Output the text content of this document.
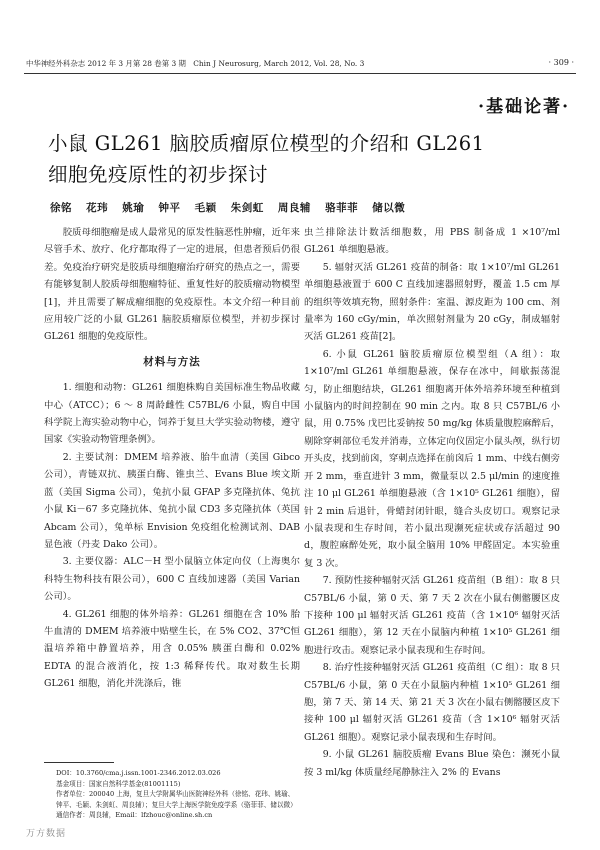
中华神经外科杂志 2012 年 3 月第 28 卷第 3 期　Chin J Neurosurg, March 2012, Vol. 28, No. 3	· 309 ·
·基础论著·
小鼠 GL261 脑胶质瘤原位模型的介绍和 GL261
细胞免疫原性的初步探讨
徐铭 花玮 姚瑜 钟平 毛颖 朱剑虹 周良辅 骆菲菲 储以微

胶质母细胞瘤是成人最常见的原发性脑恶性肿瘤，近年来尽管手术、放疗、化疗都取得了一定的进展，但患者预后仍很差。免疫治疗研究是胶质母细胞瘤治疗研究的热点之一，需要有能够复制人胶质母细胞瘤特征、重复性好的胶质瘤动物模型[1]，并且需要了解成瘤细胞的免疫原性。本文介绍一种目前应用较广泛的小鼠 GL261 脑胶质瘤原位模型，并初步探讨 GL261 细胞的免疫原性。

材料与方法

1. 细胞和动物：GL261 细胞株购自美国标准生物品收藏中心（ATCC）；6 ～ 8 周龄雌性 C57BL/6 小鼠，购自中国科学院上海实验动物中心，饲养于复旦大学实验动物楼，遵守国家《实验动物管理条例》。

2. 主要试剂：DMEM 培养液、胎牛血清（美国 Gibco 公司），青链双抗、胰蛋白酶、锥虫兰、Evans Blue 埃文斯蓝（美国 Sigma 公司），兔抗小鼠 GFAP 多克隆抗体、兔抗小鼠 Ki－67 多克隆抗体、兔抗小鼠 CD3 多克隆抗体（英国 Abcam 公司），兔单标 Envision 免疫组化检测试剂、DAB 显色液（丹麦 Dako 公司）。

3. 主要仪器：ALC－H 型小鼠脑立体定向仪（上海奥尔科特生物科技有限公司），600 C 直线加速器（美国 Varian 公司）。

4. GL261 细胞的体外培养：GL261 细胞在含 10% 胎牛血清的 DMEM 培养液中贴壁生长，在 5% CO2、37℃恒温培养箱中静置培养，用含 0.05% 胰蛋白酶和 0.02% EDTA 的混合液消化，按 1:3 稀释传代。取对数生长期 GL261 细胞，消化并洗涤后，锥

DOI：10.3760/cma.j.issn.1001-2346.2012.03.026
基金项目：国家自然科学基金(81001115)
作者单位：200040 上海，复旦大学附属华山医院神经外科（徐铭、花玮、姚瑜、钟平、毛颖、朱剑虹、周良辅）；复旦大学上海医学院免疫学系（骆菲菲、储以微）
通信作者：周良辅，Email：lfzhouc@online.sh.cn

虫兰排除法计数活细胞数，用 PBS 制备成 1 ×10⁷/ml GL261 单细胞悬液。

5. 辐射灭活 GL261 疫苗的制备：取 1×10⁷/ml GL261 单细胞悬液置于 600 C 直线加速器照射野，覆盖 1.5 cm 厚的组织等效填充物，照射条件：室温、源皮距为 100 cm、剂量率为 160 cGy/min，单次照射剂量为 20 cGy，制成辐射灭活 GL261 疫苗[2]。

6. 小鼠 GL261 脑胶质瘤原位模型组（A 组）：取 1×10⁷/ml GL261 单细胞悬液，保存在冰中，间歇振荡混匀，防止细胞结块，GL261 细胞离开体外培养环境至种植到小鼠脑内的时间控制在 90 min 之内。取 8 只 C57BL/6 小鼠，用 0.75% 戊巴比妥钠按 50 mg/kg 体质量腹腔麻醉后，剔除穿刺部位毛发并消毒，立体定向仪固定小鼠头颅，纵行切开头皮，找到前囟，穿刺点选择在前囟后 1 mm、中线右侧旁开 2 mm，垂直进针 3 mm，微量泵以 2.5 μl/min 的速度推注 10 μl GL261 单细胞悬液（含 1×10⁵ GL261 细胞），留针 2 min 后退针，骨蜡封闭针眼，缝合头皮切口。观察记录小鼠表现和生存时间，若小鼠出现濒死症状或存活超过 90 d，腹腔麻醉处死，取小鼠全脑用 10% 甲醛固定。本实验重复 3 次。

7. 预防性接种辐射灭活 GL261 疫苗组（B 组）：取 8 只 C57BL/6 小鼠，第 0 天、第 7 天 2 次在小鼠右侧髂腰区皮下接种 100 μl 辐射灭活 GL261 疫苗（含 1×10⁶ 辐射灭活 GL261 细胞），第 12 天在小鼠脑内种植 1×10⁵ GL261 细胞进行攻击。观察记录小鼠表现和生存时间。

8. 治疗性接种辐射灭活 GL261 疫苗组（C 组）：取 8 只 C57BL/6 小鼠，第 0 天在小鼠脑内种植 1×10⁵ GL261 细胞，第 7 天、第 14 天、第 21 天 3 次在小鼠右侧髂腰区皮下接种 100 μl 辐射灭活 GL261 疫苗（含 1×10⁶ 辐射灭活 GL261 细胞）。观察记录小鼠表现和生存时间。

9. 小鼠 GL261 脑胶质瘤 Evans Blue 染色：濒死小鼠按 3 ml/kg 体质量经尾静脉注入 2% 的 Evans

万方数据
